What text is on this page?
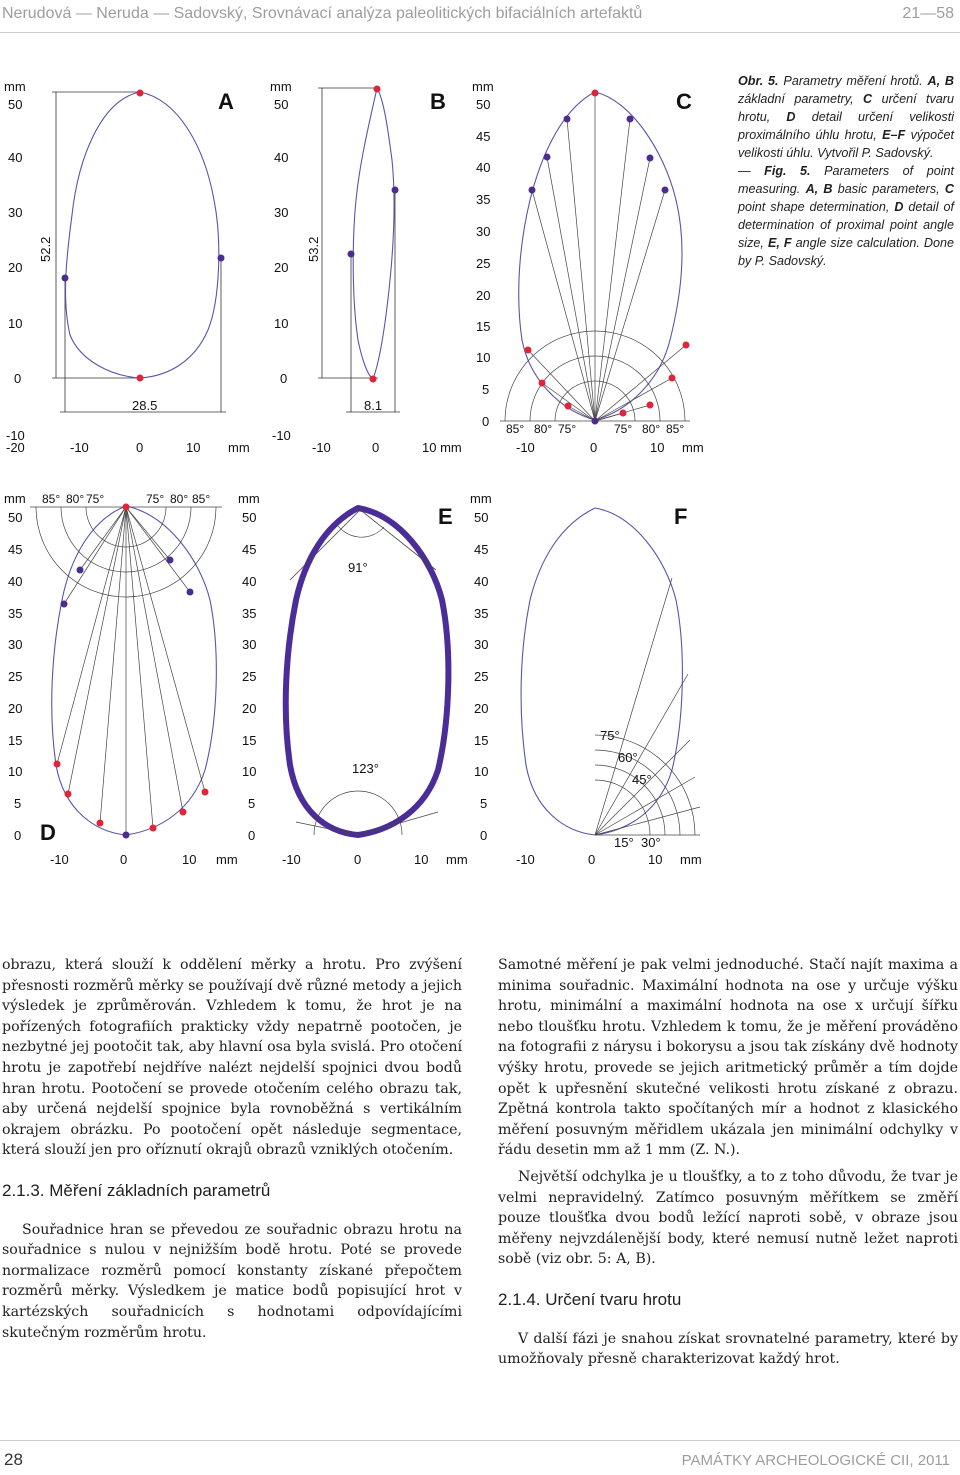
Nerudová — Neruda — Sadovský, Srovnávací analýza paleolitických bifaciálních artefaktů	21—58
mm
50
40
30
20
10
0
-10
-20	-10	0	10 mm
A
52.2
28.5
mm
50
40
30
20
10
0
-10
-10	0	10 mm
B
53.2
8.1
mm
50
45
40
35
30
25
20
15
10
5
0
-10	0	10 mm
C
85° 80° 75°	75° 80° 85°
mm
50
45
40
35
30
25
20
15
10
5
0
-10	0	10 mm
D
85° 80° 75°	75° 80° 85° mm
50
45
40
35
30
25
20
15
10
5
0
-10	0	10 mm
E
91°
123°
mm
50
45
40
35
30
25
20
15
10
5
0
-10	0	10 mm
F
75°
60°
45°
15° 30°
Obr. 5. Parametry měření hrotů. A, B základní parametry, C určení tvaru hrotu, D detail určení velikosti proximálního úhlu hrotu, E–F výpočet velikosti úhlu. Vytvořil P. Sadovský.
— Fig. 5. Parameters of point measuring. A, B basic parameters, C point shape determination, D detail of determination of proximal point angle size, E, F angle size calculation. Done by P. Sadovský.

obrazu, která slouží k oddělení měrky a hrotu. Pro zvýšení přesnosti rozměrů měrky se používají dvě různé metody a jejich výsledek je zprůměrován. Vzhledem k tomu, že hrot je na pořízených fotografiích prakticky vždy nepatrně pootočen, je nezbytné jej pootočit tak, aby hlavní osa byla svislá. Pro otočení hrotu je zapotřebí nejdříve nalézt nejdelší spojnici dvou bodů hran hrotu. Pootočení se provede otočením celého obrazu tak, aby určená nejdelší spojnice byla rovnoběžná s vertikálním okrajem obrázku. Po pootočení opět následuje segmentace, která slouží jen pro oříznutí okrajů obrazů vzniklých otočením.

2.1.3. Měření základních parametrů

Souřadnice hran se převedou ze souřadnic obrazu hrotu na souřadnice s nulou v nejnižším bodě hrotu. Poté se provede normalizace rozměrů pomocí konstanty získané přepočtem rozměrů měrky. Výsledkem je matice bodů popisující hrot v kartézských souřadnicích s hodnotami odpovídajícími skutečným rozměrům hrotu.

Samotné měření je pak velmi jednoduché. Stačí najít maxima a minima souřadnic. Maximální hodnota na ose y určuje výšku hrotu, minimální a maximální hodnota na ose x určují šířku nebo tloušťku hrotu. Vzhledem k tomu, že je měření prováděno na fotografii z nárysu i bokorysu a jsou tak získány dvě hodnoty výšky hrotu, provede se jejich aritmetický průměr a tím dojde opět k upřesnění skutečné velikosti hrotu získané z obrazu. Zpětná kontrola takto spočítaných mír a hodnot z klasického měření posuvným měřidlem ukázala jen minimální odchylky v řádu desetin mm až 1 mm (Z. N.).

Největší odchylka je u tloušťky, a to z toho důvodu, že tvar je velmi nepravidelný. Zatímco posuvným měřítkem se změří pouze tloušťka dvou bodů ležící naproti sobě, v obraze jsou měřeny nejvzdálenější body, které nemusí nutně ležet naproti sobě (viz obr. 5: A, B).

2.1.4. Určení tvaru hrotu

V další fázi je snahou získat srovnatelné parametry, které by umožňovaly přesně charakterizovat každý hrot.

28	PAMÁTKY ARCHEOLOGICKÉ CII, 2011
